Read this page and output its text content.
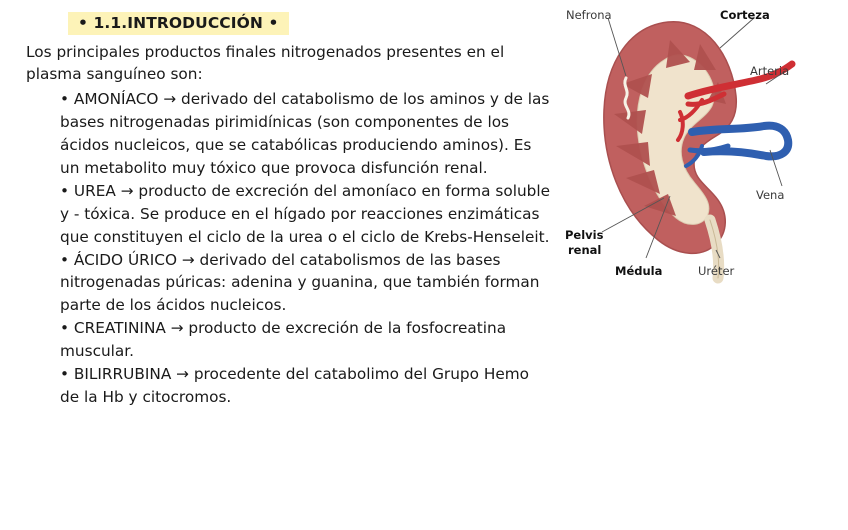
• 1.1.INTRODUCCIÓN •

Los principales productos finales nitrogenados presentes en el plasma sanguíneo son:

• AMONÍACO → derivado del catabolismo de los aminos y de las bases nitrogenadas pirimidínicas (son componentes de los ácidos nucleicos, que se catabólicas produciendo aminos). Es un metabolito muy tóxico que provoca disfunción renal.

• UREA → producto de excreción del amoníaco en forma soluble y - tóxica. Se produce en el hígado por reacciones enzimáticas que constituyen el ciclo de la urea o el ciclo de Krebs-Henseleit.

• ÁCIDO ÚRICO → derivado del catabolismos de las bases nitrogenadas púricas: adenina y guanina, que también forman parte de los ácidos nucleicos.

• CREATININA → producto de excreción de la fosfocreatina muscular.

• BILIRRUBINA → procedente del catabolimo del Grupo Hemo de la Hb y citocromos.

Nefrona	Corteza
Arteria
Vena
Pelvis
renal
Médula	Uréter
